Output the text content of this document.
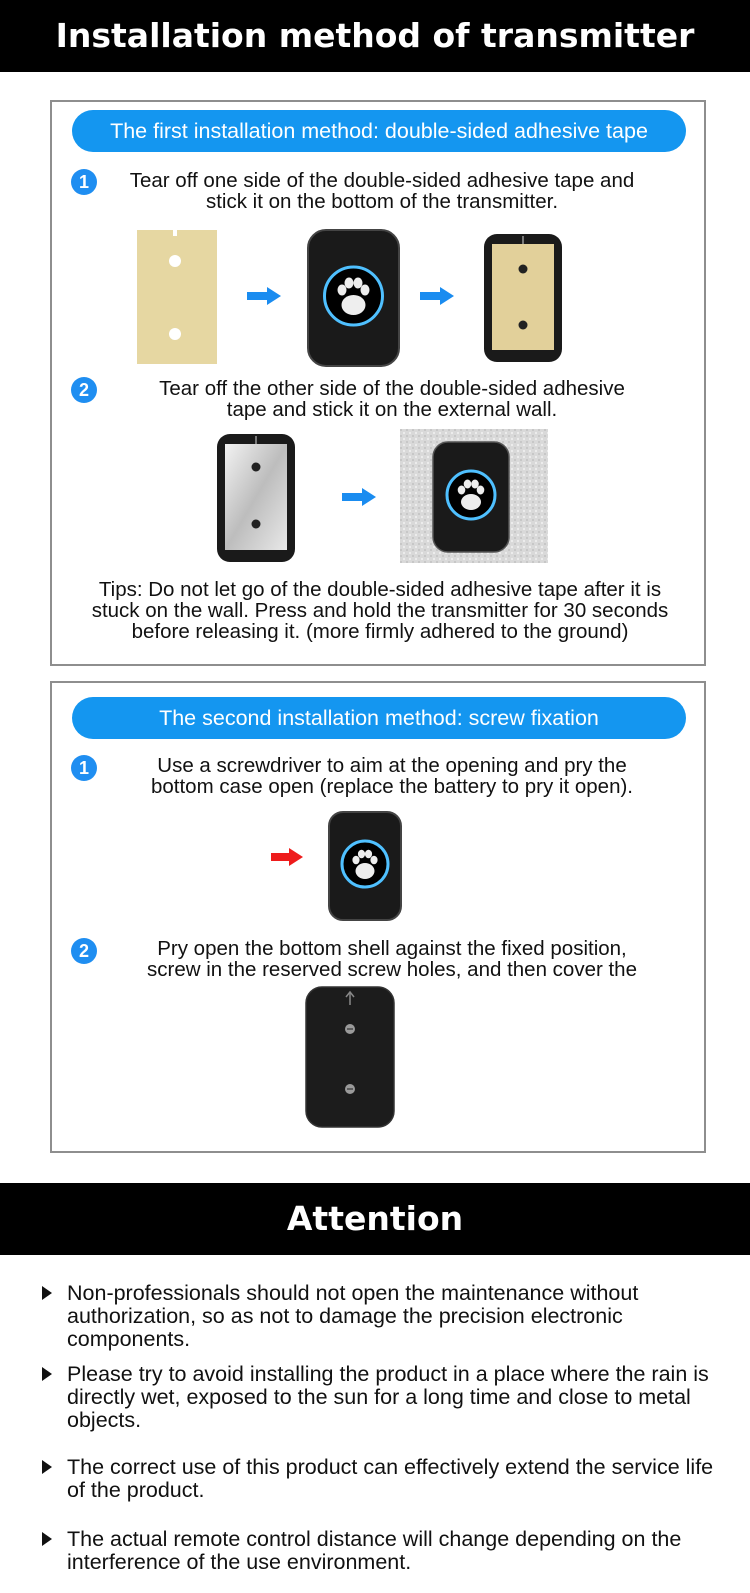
Installation method of transmitter
The first installation method: double-sided adhesive tape
1	Tear off one side of the double-sided adhesive tape and
stick it on the bottom of the transmitter.
2	Tear off the other side of the double-sided adhesive
tape and stick it on the external wall.
Tips: Do not let go of the double-sided adhesive tape after it is
stuck on the wall. Press and hold the transmitter for 30 seconds
before releasing it. (more firmly adhered to the ground)
The second installation method: screw fixation
1	Use a screwdriver to aim at the opening and pry the
bottom case open (replace the battery to pry it open).
2	Pry open the bottom shell against the fixed position,
screw in the reserved screw holes, and then cover the
Attention
Non-professionals should not open the maintenance without authorization, so as not to damage the precision electronic components.
Please try to avoid installing the product in a place where the rain is directly wet, exposed to the sun for a long time and close to metal objects.
The correct use of this product can effectively extend the service life of the product.
The actual remote control distance will change depending on the interference of the use environment.
